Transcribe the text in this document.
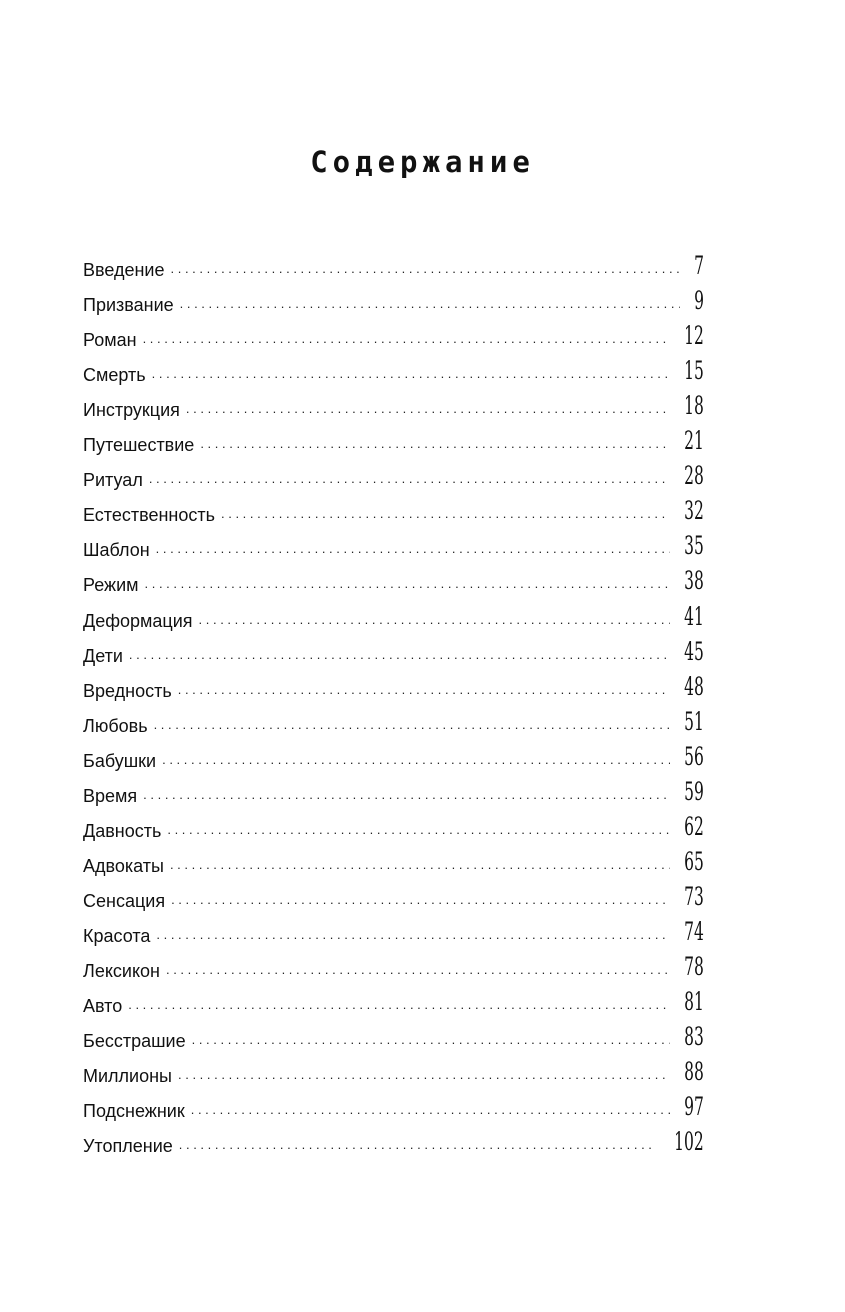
Содержание
Введение . . .	7
Призвание . . .	9
Роман . . .	12
Смерть . . .	15
Инструкция . . .	18
Путешествие . . .	21
Ритуал . . .	28
Естественность . . .	32
Шаблон . . .	35
Режим . . .	38
Деформация . . .	41
Дети . . .	45
Вредность . . .	48
Любовь . . .	51
Бабушки . . .	56
Время . . .	59
Давность . . .	62
Адвокаты . . .	65
Сенсация . . .	73
Красота . . .	74
Лексикон . . .	78
Авто . . .	81
Бесстрашие . . .	83
Миллионы . . .	88
Подснежник . . .	97
Утопление . . .	102
